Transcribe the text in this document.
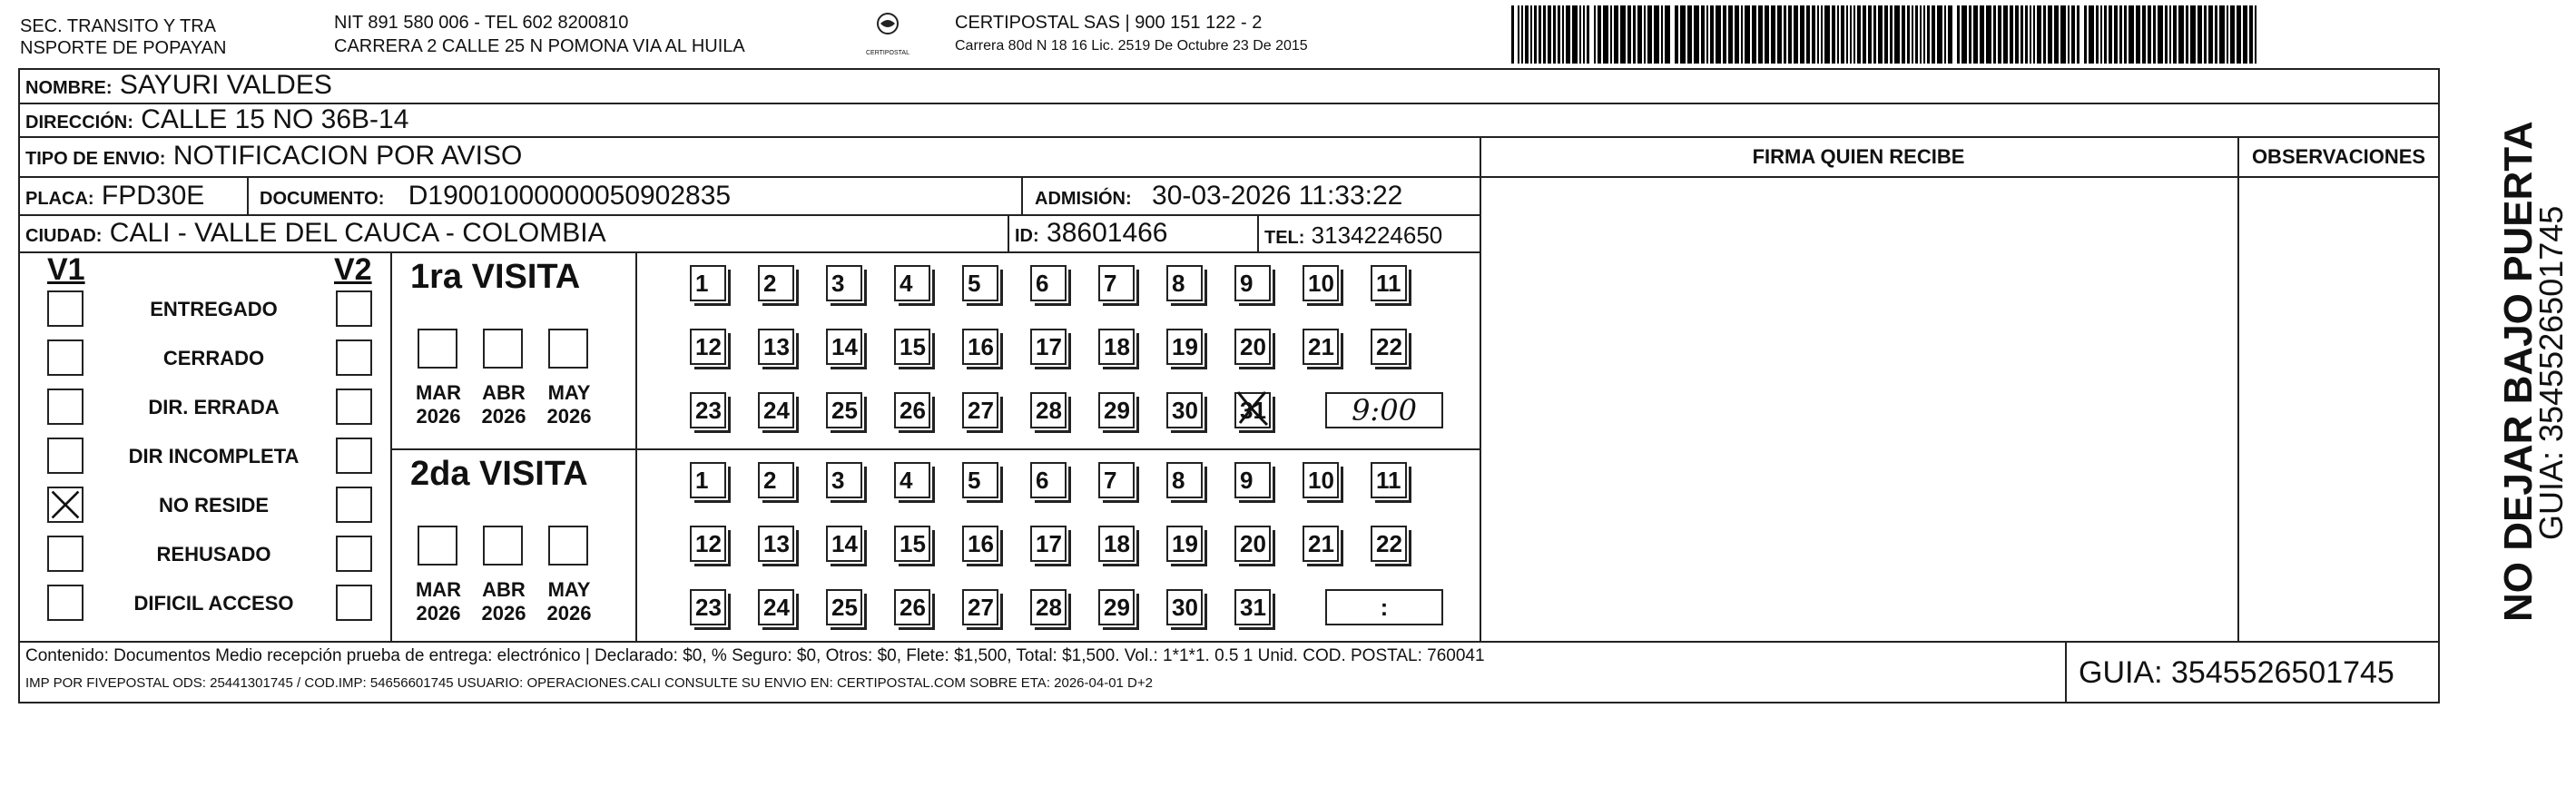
SEC. TRANSITO Y TRA
NSPORTE DE POPAYAN
NIT 891 580 006 - TEL 602 8200810
CARRERA 2 CALLE 25 N POMONA VIA AL HUILA	CERTIPOSTAL
CERTIPOSTAL SAS | 900 151 122 - 2
Carrera 80d N 18 16 Lic. 2519 De Octubre 23 De 2015
NOMBRE: SAYURI VALDES
DIRECCIÓN: CALLE 15 NO 36B-14
TIPO DE ENVIO: NOTIFICACION POR AVISO
PLACA: FPD30E	DOCUMENTO: D19001000000050902835	ADMISIÓN: 30-03-2026 11:33:22
CIUDAD: CALI - VALLE DEL CAUCA - COLOMBIA	ID: 38601466	TEL: 3134224650
FIRMA QUIEN RECIBE	OBSERVACIONES
V1	V2
ENTREGADO
CERRADO
DIR. ERRADA
DIR INCOMPLETA
NO RESIDE
REHUSADO
DIFICIL ACCESO
1ra VISITA
MAR
2026
ABR
2026
MAY
2026
1	2	3	4	5	6	7	8	9	10 11
12 13 14 15 16 17 18 19 20 21 22
23 24 25 26 27 28 29 30 31	9:00
2da VISITA
MAR
2026
ABR
2026
MAY
2026
1	2	3	4	5	6	7	8	9	10 11
12 13 14 15 16 17 18 19 20 21 22
23 24 25 26 27 28 29 30 31	:
Contenido: Documentos Medio recepción prueba de entrega: electrónico | Declarado: $0, % Seguro: $0, Otros: $0, Flete: $1,500, Total: $1,500. Vol.: 1*1*1. 0.5 1 Unid. COD. POSTAL: 760041
IMP POR FIVEPOSTAL ODS: 25441301745 / COD.IMP: 54656601745 USUARIO: OPERACIONES.CALI CONSULTE SU ENVIO EN: CERTIPOSTAL.COM SOBRE ETA: 2026-04-01 D+2	GUIA: 3545526501745
NO DEJAR BAJO PUERTA
GUIA: 3545526501745
